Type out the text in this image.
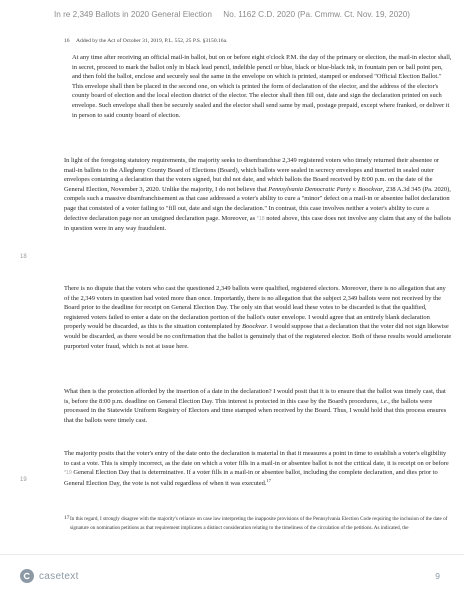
In re 2,349 Ballots in 2020 General Election     No. 1162 C.D. 2020 (Pa. Cmmw. Ct. Nov. 19, 2020)
16 Added by the Act of October 31, 2019, P.L. 552, 25 P.S. §3150.16a.
At any time after receiving an official mail-in ballot, but on or before eight o'clock P.M. the day of the primary or election, the mail-in elector shall, in secret, proceed to mark the ballot only in black lead pencil, indelible pencil or blue, black or blue-black ink, in fountain pen or ball point pen, and then fold the ballot, enclose and securely seal the same in the envelope on which is printed, stamped or endorsed "Official Election Ballot." This envelope shall then be placed in the second one, on which is printed the form of declaration of the elector, and the address of the elector's county board of election and the local election district of the elector. The elector shall then fill out, date and sign the declaration printed on such envelope. Such envelope shall then be securely sealed and the elector shall send same by mail, postage prepaid, except where franked, or deliver it in person to said county board of election.
In light of the foregoing statutory requirements, the majority seeks to disenfranchise 2,349 registered voters who timely returned their absentee or mail-in ballots to the Allegheny County Board of Elections (Board), which ballots were sealed in secrecy envelopes and inserted in sealed outer envelopes containing a declaration that the voters signed, but did not date, and which ballots the Board received by 8:00 p.m. on the date of the General Election, November 3, 2020. Unlike the majority, I do not believe that Pennsylvania Democratic Party v. Boockvar, 238 A.3d 345 (Pa. 2020), compels such a massive disenfranchisement as that case addressed a voter's ability to cure a "minor" defect on a mail-in or absentee ballot declaration page that consisted of a voter failing to "fill out, date and sign the declaration." In contrast, this case involves neither a voter's ability to cure a defective declaration page nor an unsigned declaration page. Moreover, as *18 noted above, this case does not involve any claim that any of the ballots in question were in any way fraudulent.
18
There is no dispute that the voters who cast the questioned 2,349 ballots were qualified, registered electors. Moreover, there is no allegation that any of the 2,349 voters in question had voted more than once. Importantly, there is no allegation that the subject 2,349 ballots were not received by the Board prior to the deadline for receipt on General Election Day. The only sin that would lead these votes to be discarded is that the qualified, registered voters failed to enter a date on the declaration portion of the ballot's outer envelope. I would agree that an entirely blank declaration properly would be discarded, as this is the situation contemplated by Boockvar. I would suppose that a declaration that the voter did not sign likewise would be discarded, as there would be no confirmation that the ballot is genuinely that of the registered elector. Both of these results would ameliorate purported voter fraud, which is not at issue here.
What then is the protection afforded by the insertion of a date in the declaration? I would posit that it is to ensure that the ballot was timely cast, that is, before the 8:00 p.m. deadline on General Election Day. This interest is protected in this case by the Board's procedures, i.e., the ballots were processed in the Statewide Uniform Registry of Electors and time stamped when received by the Board. Thus, I would hold that this process ensures that the ballots were timely cast.
The majority posits that the voter's entry of the date onto the declaration is material in that it measures a point in time to establish a voter's eligibility to cast a vote. This is simply incorrect, as the date on which a voter fills in a mail-in or absentee ballot is not the critical date, it is receipt on or before *19 General Election Day that is determinative. If a voter fills in a mail-in or absentee ballot, including the complete declaration, and dies prior to General Election Day, the vote is not valid regardless of when it was executed.$^{17}$
19
17 In this regard, I strongly disagree with the majority's reliance on case law interpreting the inapposite provisions of the Pennsylvania Election Code requiring the inclusion of the date of signature on nomination petitions as that requirement implicates a distinct consideration relating to the timeliness of the circulation of the petitions. As indicated, the
casetext	9
